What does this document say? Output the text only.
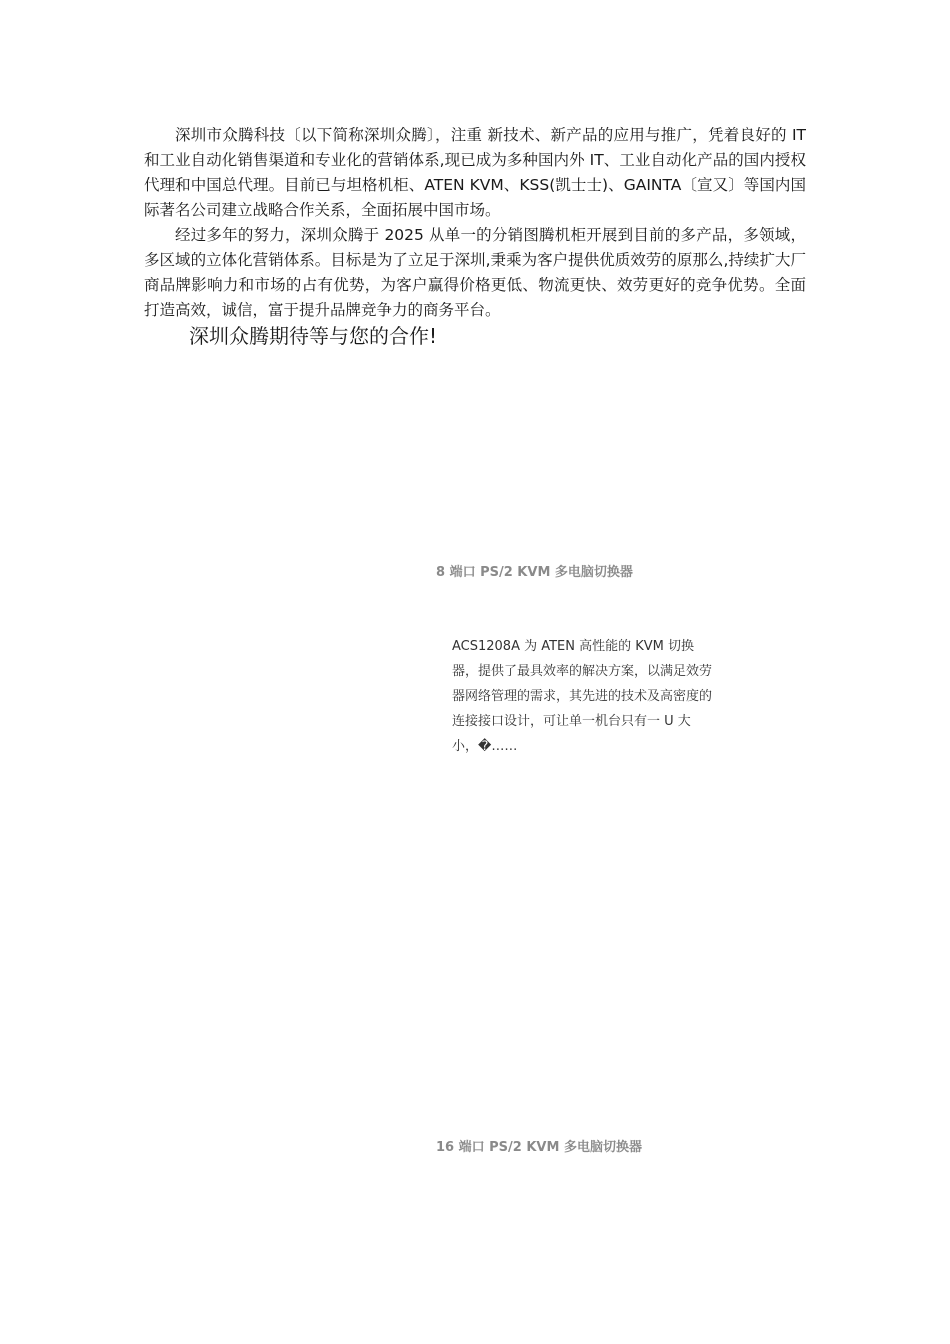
深圳市众腾科技〔以下简称深圳众腾〕，注重 新技术、新产品的应用与推广，凭着良好的 IT 和工业自动化销售渠道和专业化的营销体系,现已成为多种国内外 IT、工业自动化产品的国内授权代理和中国总代理。目前已与坦格机柜、ATEN KVM、KSS(凯士士)、GAINTA〔宣又〕等国内国际著名公司建立战略合作关系，全面拓展中国市场。

经过多年的努力，深圳众腾于 2025 从单一的分销图腾机柜开展到目前的多产品，多领域，多区域的立体化营销体系。目标是为了立足于深圳,秉乘为客户提供优质效劳的原那么,持续扩大厂商品牌影响力和市场的占有优势，为客户赢得价格更低、物流更快、效劳更好的竞争优势。全面打造高效，诚信，富于提升品牌竞争力的商务平台。

深圳众腾期待等与您的合作!
8 端口 PS/2 KVM 多电脑切换器
ACS1208A 为 ATEN 高性能的 KVM 切换器，提供了最具效率的解决方案，以满足效劳器网络管理的需求，其先进的技术及高密度的连接接口设计，可让单一机台只有一 U 大小，�……
16 端口 PS/2 KVM 多电脑切换器
